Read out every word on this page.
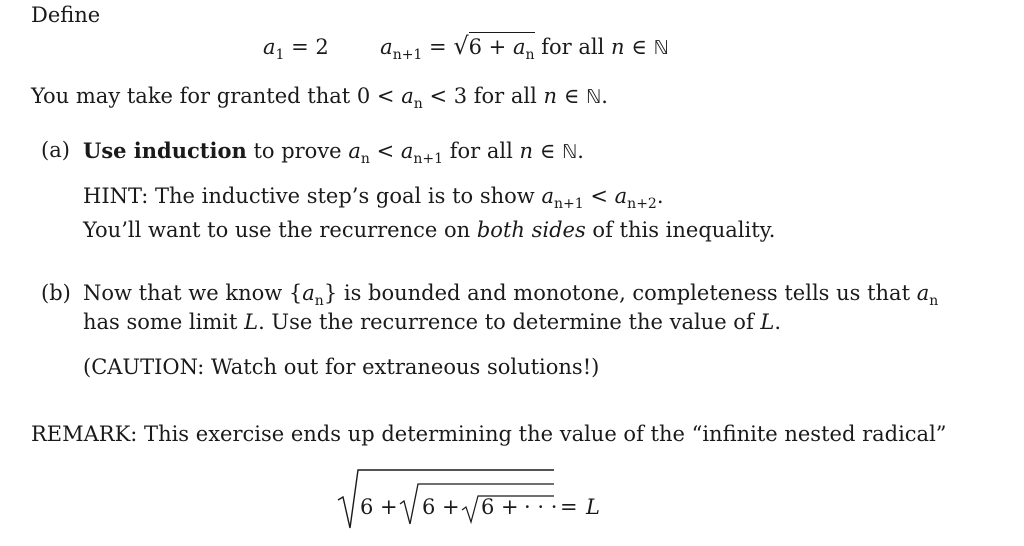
Define
$a_1 = 2$ $a_{n+1} = √6 + a_n$ for all n ∈ ℕ
You may take for granted that $0 < a_n < 3$ for all n ∈ ℕ.
(a) Use induction to prove $a_n < a_{n+1}$ for all n ∈ ℕ.
HINT: The inductive step’s goal is to show $a_{n+1} < a_{n+2}$.
You’ll want to use the recurrence on both sides of this inequality.
(b) Now that we know $\{a_n\}$ is bounded and monotone, completeness tells us that $a_n$
has some limit L. Use the recurrence to determine the value of L.
(CAUTION: Watch out for extraneous solutions!)
REMARK: This exercise ends up determining the value of the “infinite nested radical”
6 + 6 + 6 + · · · = L
